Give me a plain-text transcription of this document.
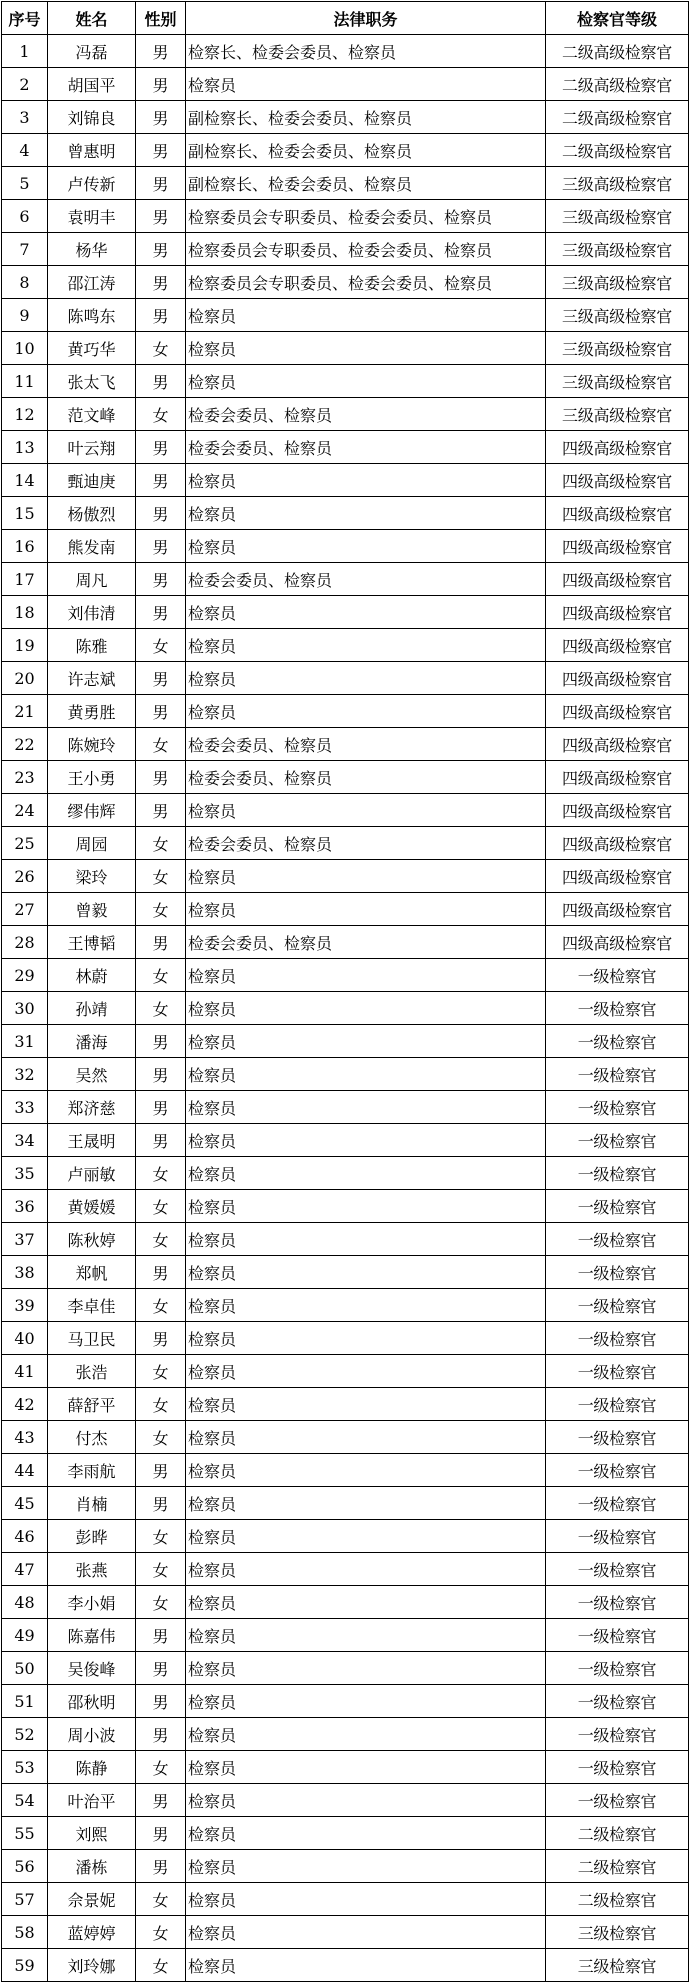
序号	姓名	性别	法律职务	检察官等级
1	冯磊	男	检察长、检委会委员、检察员	二级高级检察官
2	胡国平	男	检察员	二级高级检察官
3	刘锦良	男	副检察长、检委会委员、检察员	二级高级检察官
4	曾惠明	男	副检察长、检委会委员、检察员	二级高级检察官
5	卢传新	男	副检察长、检委会委员、检察员	三级高级检察官
6	袁明丰	男	检察委员会专职委员、检委会委员、检察员	三级高级检察官
7	杨华	男	检察委员会专职委员、检委会委员、检察员	三级高级检察官
8	邵江涛	男	检察委员会专职委员、检委会委员、检察员	三级高级检察官
9	陈鸣东	男	检察员	三级高级检察官
10	黄巧华	女	检察员	三级高级检察官
11	张太飞	男	检察员	三级高级检察官
12	范文峰	女	检委会委员、检察员	三级高级检察官
13	叶云翔	男	检委会委员、检察员	四级高级检察官
14	甄迪庚	男	检察员	四级高级检察官
15	杨傲烈	男	检察员	四级高级检察官
16	熊发南	男	检察员	四级高级检察官
17	周凡	男	检委会委员、检察员	四级高级检察官
18	刘伟清	男	检察员	四级高级检察官
19	陈雅	女	检察员	四级高级检察官
20	许志斌	男	检察员	四级高级检察官
21	黄勇胜	男	检察员	四级高级检察官
22	陈婉玲	女	检委会委员、检察员	四级高级检察官
23	王小勇	男	检委会委员、检察员	四级高级检察官
24	缪伟辉	男	检察员	四级高级检察官
25	周园	女	检委会委员、检察员	四级高级检察官
26	梁玲	女	检察员	四级高级检察官
27	曾毅	女	检察员	四级高级检察官
28	王博韬	男	检委会委员、检察员	四级高级检察官
29	林蔚	女	检察员	一级检察官
30	孙靖	女	检察员	一级检察官
31	潘海	男	检察员	一级检察官
32	吴然	男	检察员	一级检察官
33	郑济慈	男	检察员	一级检察官
34	王晟明	男	检察员	一级检察官
35	卢丽敏	女	检察员	一级检察官
36	黄媛媛	女	检察员	一级检察官
37	陈秋婷	女	检察员	一级检察官
38	郑帆	男	检察员	一级检察官
39	李卓佳	女	检察员	一级检察官
40	马卫民	男	检察员	一级检察官
41	张浩	女	检察员	一级检察官
42	薛舒平	女	检察员	一级检察官
43	付杰	女	检察员	一级检察官
44	李雨航	男	检察员	一级检察官
45	肖楠	男	检察员	一级检察官
46	彭晔	女	检察员	一级检察官
47	张燕	女	检察员	一级检察官
48	李小娟	女	检察员	一级检察官
49	陈嘉伟	男	检察员	一级检察官
50	吴俊峰	男	检察员	一级检察官
51	邵秋明	男	检察员	一级检察官
52	周小波	男	检察员	一级检察官
53	陈静	女	检察员	一级检察官
54	叶治平	男	检察员	一级检察官
55	刘熙	男	检察员	二级检察官
56	潘栋	男	检察员	二级检察官
57	佘景妮	女	检察员	二级检察官
58	蓝婷婷	女	检察员	三级检察官
59	刘玲娜	女	检察员	三级检察官
